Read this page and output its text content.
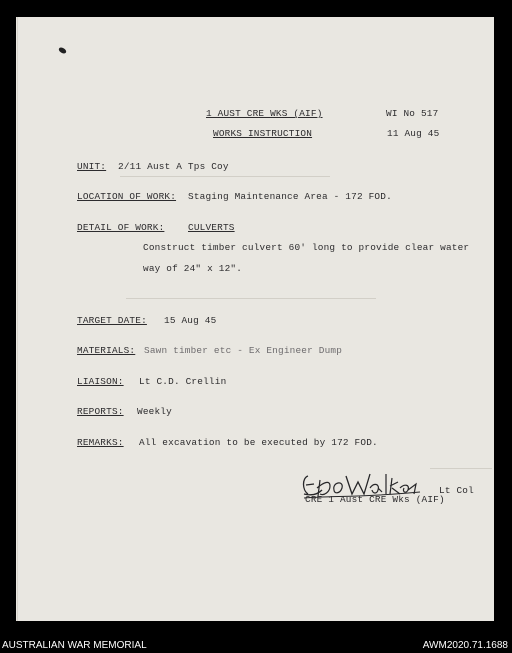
1 AUST CRE WKS (AIF)	WI No 517
WORKS INSTRUCTION	11 Aug 45
UNIT: 2/11 Aust A Tps Coy
LOCATION OF WORK: Staging Maintenance Area - 172 FOD.
DETAIL OF WORK:	CULVERTS
Construct timber culvert 60' long to provide clear water
way of 24" x 12".
TARGET DATE: 15 Aug 45
MATERIALS: Sawn timber etc - Ex Engineer Dump
LIAISON: Lt C.D. Crellin
REPORTS: Weekly
REMARKS: All excavation to be executed by 172 FOD.
Lt Col
CRE 1 Aust CRE Wks (AIF)
AUSTRALIAN WAR MEMORIAL	AWM2020.71.1688
